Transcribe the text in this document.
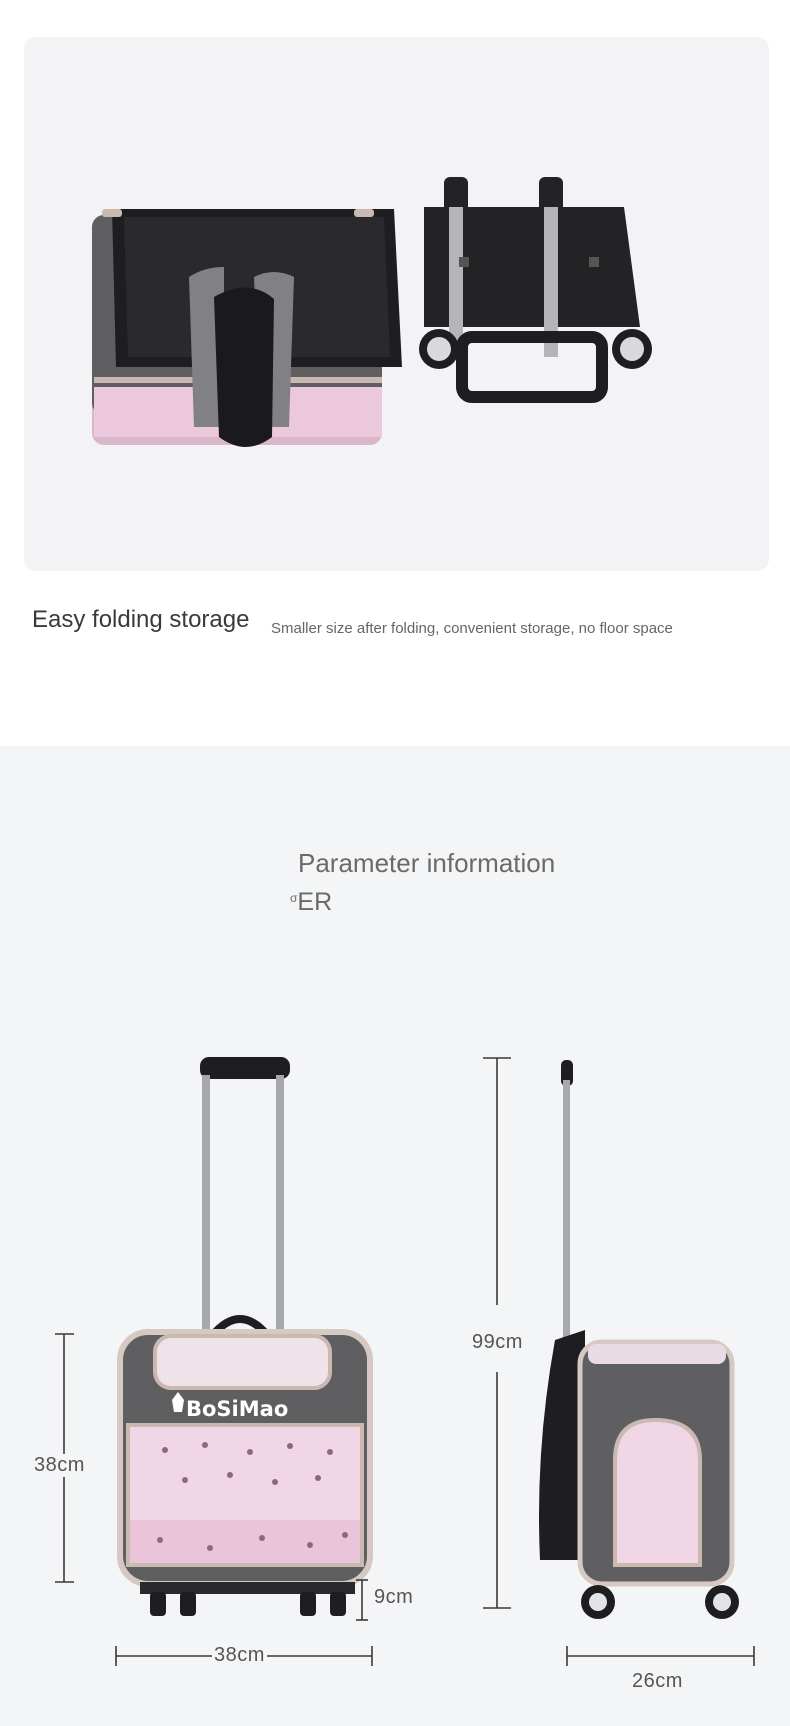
Easy folding storage Smaller size after folding, convenient storage, no floor space
Parameter information
$^\sigma$ER
BoSiMao
38cm
38cm
9cm
99cm
26cm
